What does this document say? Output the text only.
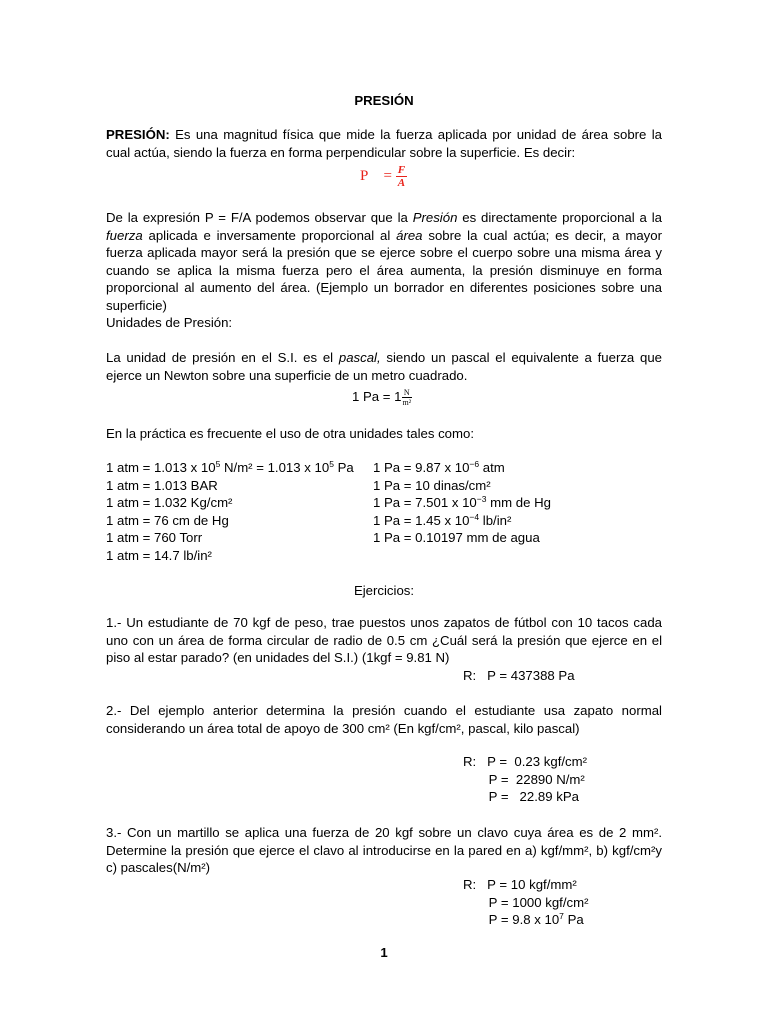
PRESIÓN
PRESIÓN: Es una magnitud física que mide la fuerza aplicada por unidad de área sobre la cual actúa, siendo la fuerza en forma perpendicular sobre la superficie. Es decir:
$P = \frac{F}{A}$
De la expresión P = F/A podemos observar que la Presión es directamente proporcional a la fuerza aplicada e inversamente proporcional al área sobre la cual actúa; es decir, a mayor fuerza aplicada mayor será la presión que se ejerce sobre el cuerpo sobre una misma área y cuando se aplica la misma fuerza pero el área aumenta, la presión disminuye en forma proporcional al aumento del área. (Ejemplo un borrador en diferentes posiciones sobre una superficie)
Unidades de Presión:
La unidad de presión en el S.I. es el pascal, siendo un pascal el equivalente a fuerza que ejerce un Newton sobre una superficie de un metro cuadrado.
1 $Pa = 1 \frac{N}{\text{m²}}$
En la práctica es frecuente el uso de otra unidades tales como:
1 atm = 1.013 x $10^5$ N/m² = 1.013 x $10^5$ Pa 1 Pa = 9.87 x $10^{-6}$ atm
1 atm = 1.013 BAR	1 Pa = 10 dinas/cm²
1 atm = 1.032 Kg/cm²	1 Pa = 7.501 x $10^{-3}$ mm de Hg
1 atm = 76 cm de Hg	1 Pa = 1.45 x $10^{-4}$ lb/in²
1 atm = 760 Torr	1 Pa = 0.10197 mm de agua
1 atm = 14.7 lb/in²
Ejercicios:
1.- Un estudiante de 70 kgf de peso, trae puestos unos zapatos de fútbol con 10 tacos cada uno con un área de forma circular de radio de 0.5 cm ¿Cuál será la presión que ejerce en el piso al estar parado? (en unidades del S.I.) (1kgf = 9.81 N)
R:   P = 437388 Pa
2.- Del ejemplo anterior determina la presión cuando el estudiante usa zapato normal considerando un área total de apoyo de 300 cm² (En kgf/cm², pascal, kilo pascal)
R:   P =  0.23 kgf/cm²
P =  22890 N/m²
P =   22.89 kPa
3.- Con un martillo se aplica una fuerza de 20 kgf sobre un clavo cuya área es de 2 mm². Determine la presión que ejerce el clavo al introducirse en la pared en a) kgf/mm², b) kgf/cm²y c) pascales(N/m²)
R:   P = 10 kgf/mm²
P = 1000 kgf/cm²
P = 9.8 x $10^7$ Pa
1
